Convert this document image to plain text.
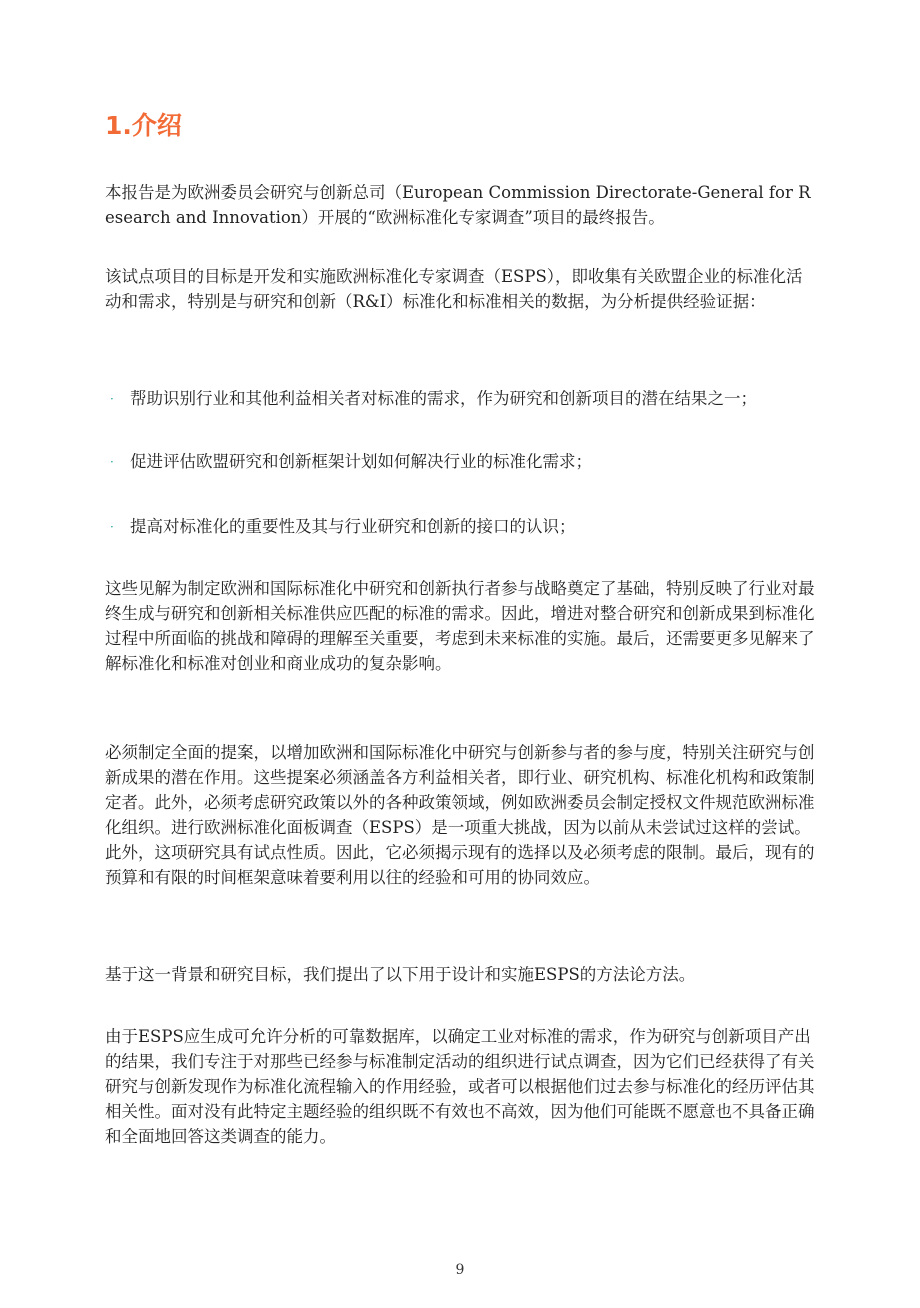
1.介绍

本报告是为欧洲委员会研究与创新总司（European Commission Directorate-General for Research and Innovation）开展的“欧洲标准化专家调查”项目的最终报告。

该试点项目的目标是开发和实施欧洲标准化专家调查（ESPS），即收集有关欧盟企业的标准化活动和需求，特别是与研究和创新（R&I）标准化和标准相关的数据，为分析提供经验证据：

· 帮助识别行业和其他利益相关者对标准的需求，作为研究和创新项目的潜在结果之一；
· 促进评估欧盟研究和创新框架计划如何解决行业的标准化需求；
· 提高对标准化的重要性及其与行业研究和创新的接口的认识；

这些见解为制定欧洲和国际标准化中研究和创新执行者参与战略奠定了基础，特别反映了行业对最终生成与研究和创新相关标准供应匹配的标准的需求。因此，增进对整合研究和创新成果到标准化过程中所面临的挑战和障碍的理解至关重要，考虑到未来标准的实施。最后，还需要更多见解来了解标准化和标准对创业和商业成功的复杂影响。

必须制定全面的提案，以增加欧洲和国际标准化中研究与创新参与者的参与度，特别关注研究与创新成果的潜在作用。这些提案必须涵盖各方利益相关者，即行业、研究机构、标准化机构和政策制定者。此外，必须考虑研究政策以外的各种政策领域，例如欧洲委员会制定授权文件规范欧洲标准化组织。进行欧洲标准化面板调查（ESPS）是一项重大挑战，因为以前从未尝试过这样的尝试。此外，这项研究具有试点性质。因此，它必须揭示现有的选择以及必须考虑的限制。最后，现有的预算和有限的时间框架意味着要利用以往的经验和可用的协同效应。

基于这一背景和研究目标，我们提出了以下用于设计和实施ESPS的方法论方法。

由于ESPS应生成可允许分析的可靠数据库，以确定工业对标准的需求，作为研究与创新项目产出的结果，我们专注于对那些已经参与标准制定活动的组织进行试点调查，因为它们已经获得了有关研究与创新发现作为标准化流程输入的作用经验，或者可以根据他们过去参与标准化的经历评估其相关性。面对没有此特定主题经验的组织既不有效也不高效，因为他们可能既不愿意也不具备正确和全面地回答这类调查的能力。

9
